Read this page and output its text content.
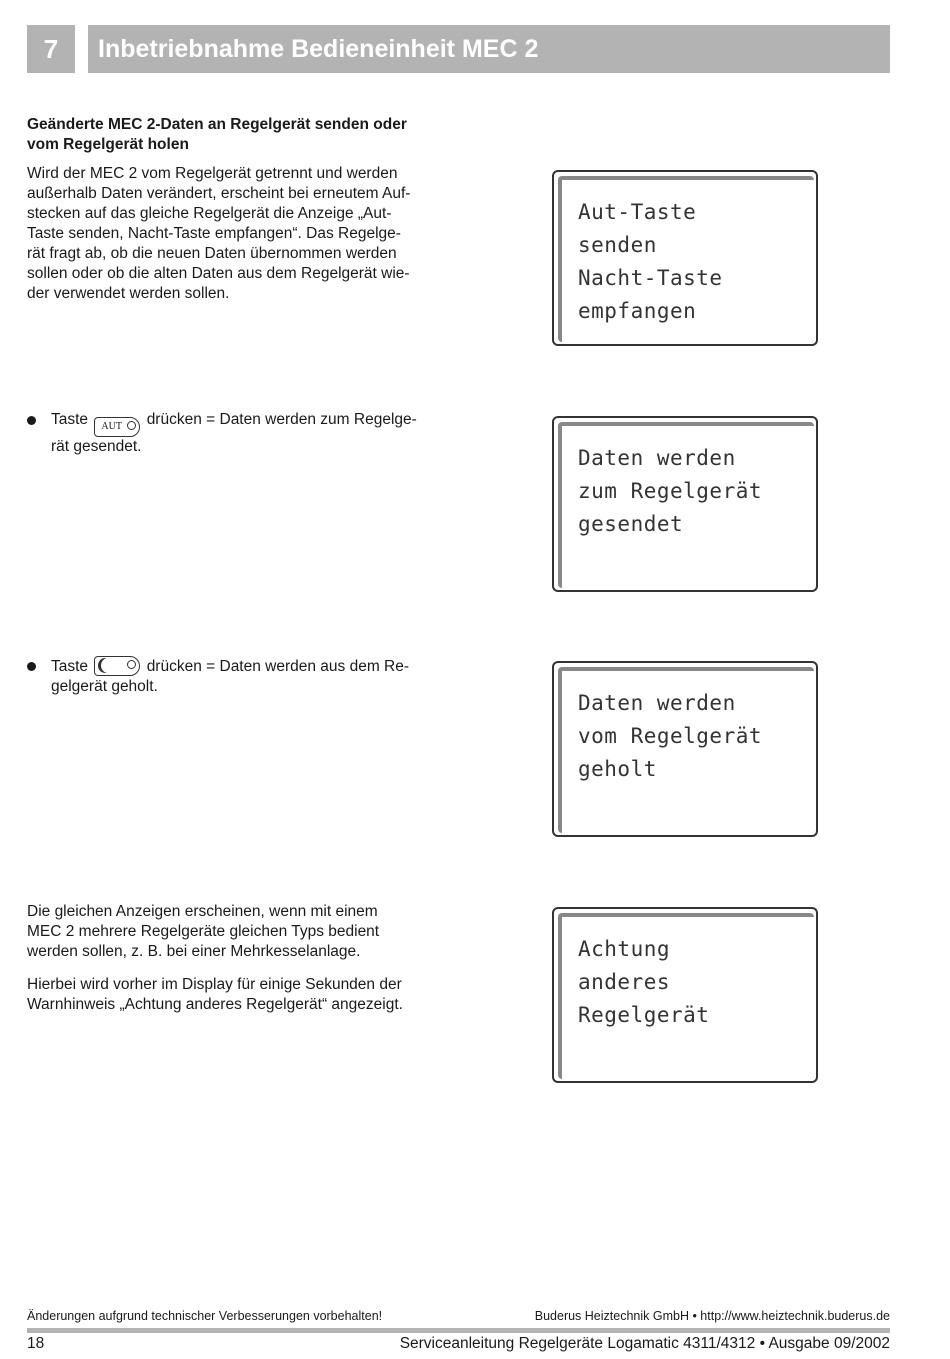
7	Inbetriebnahme Bedieneinheit MEC 2
Geänderte MEC 2-Daten an Regelgerät senden oder
vom Regelgerät holen
Wird der MEC 2 vom Regelgerät getrennt und werden
außerhalb Daten verändert, erscheint bei erneutem Auf-
stecken auf das gleiche Regelgerät die Anzeige „Aut-
Taste senden, Nacht-Taste empfangen“. Das Regelge-
rät fragt ab, ob die neuen Daten übernommen werden
sollen oder ob die alten Daten aus dem Regelgerät wie-
der verwendet werden sollen.
Taste AUT drücken = Daten werden zum Regelge-
rät gesendet.
Taste	drücken = Daten werden aus dem Re-
gelgerät geholt.
Die gleichen Anzeigen erscheinen, wenn mit einem
MEC 2 mehrere Regelgeräte gleichen Typs bedient
werden sollen, z. B. bei einer Mehrkesselanlage.
Hierbei wird vorher im Display für einige Sekunden der
Warnhinweis „Achtung anderes Regelgerät“ angezeigt.
Aut-Taste
senden
Nacht-Taste
empfangen
Daten werden
zum Regelgerät
gesendet
Daten werden
vom Regelgerät
geholt
Achtung
anderes
Regelgerät
Änderungen aufgrund technischer Verbesserungen vorbehalten!	Buderus Heiztechnik GmbH • http://www.heiztechnik.buderus.de
18	Serviceanleitung Regelgeräte Logamatic 4311/4312 • Ausgabe 09/2002
